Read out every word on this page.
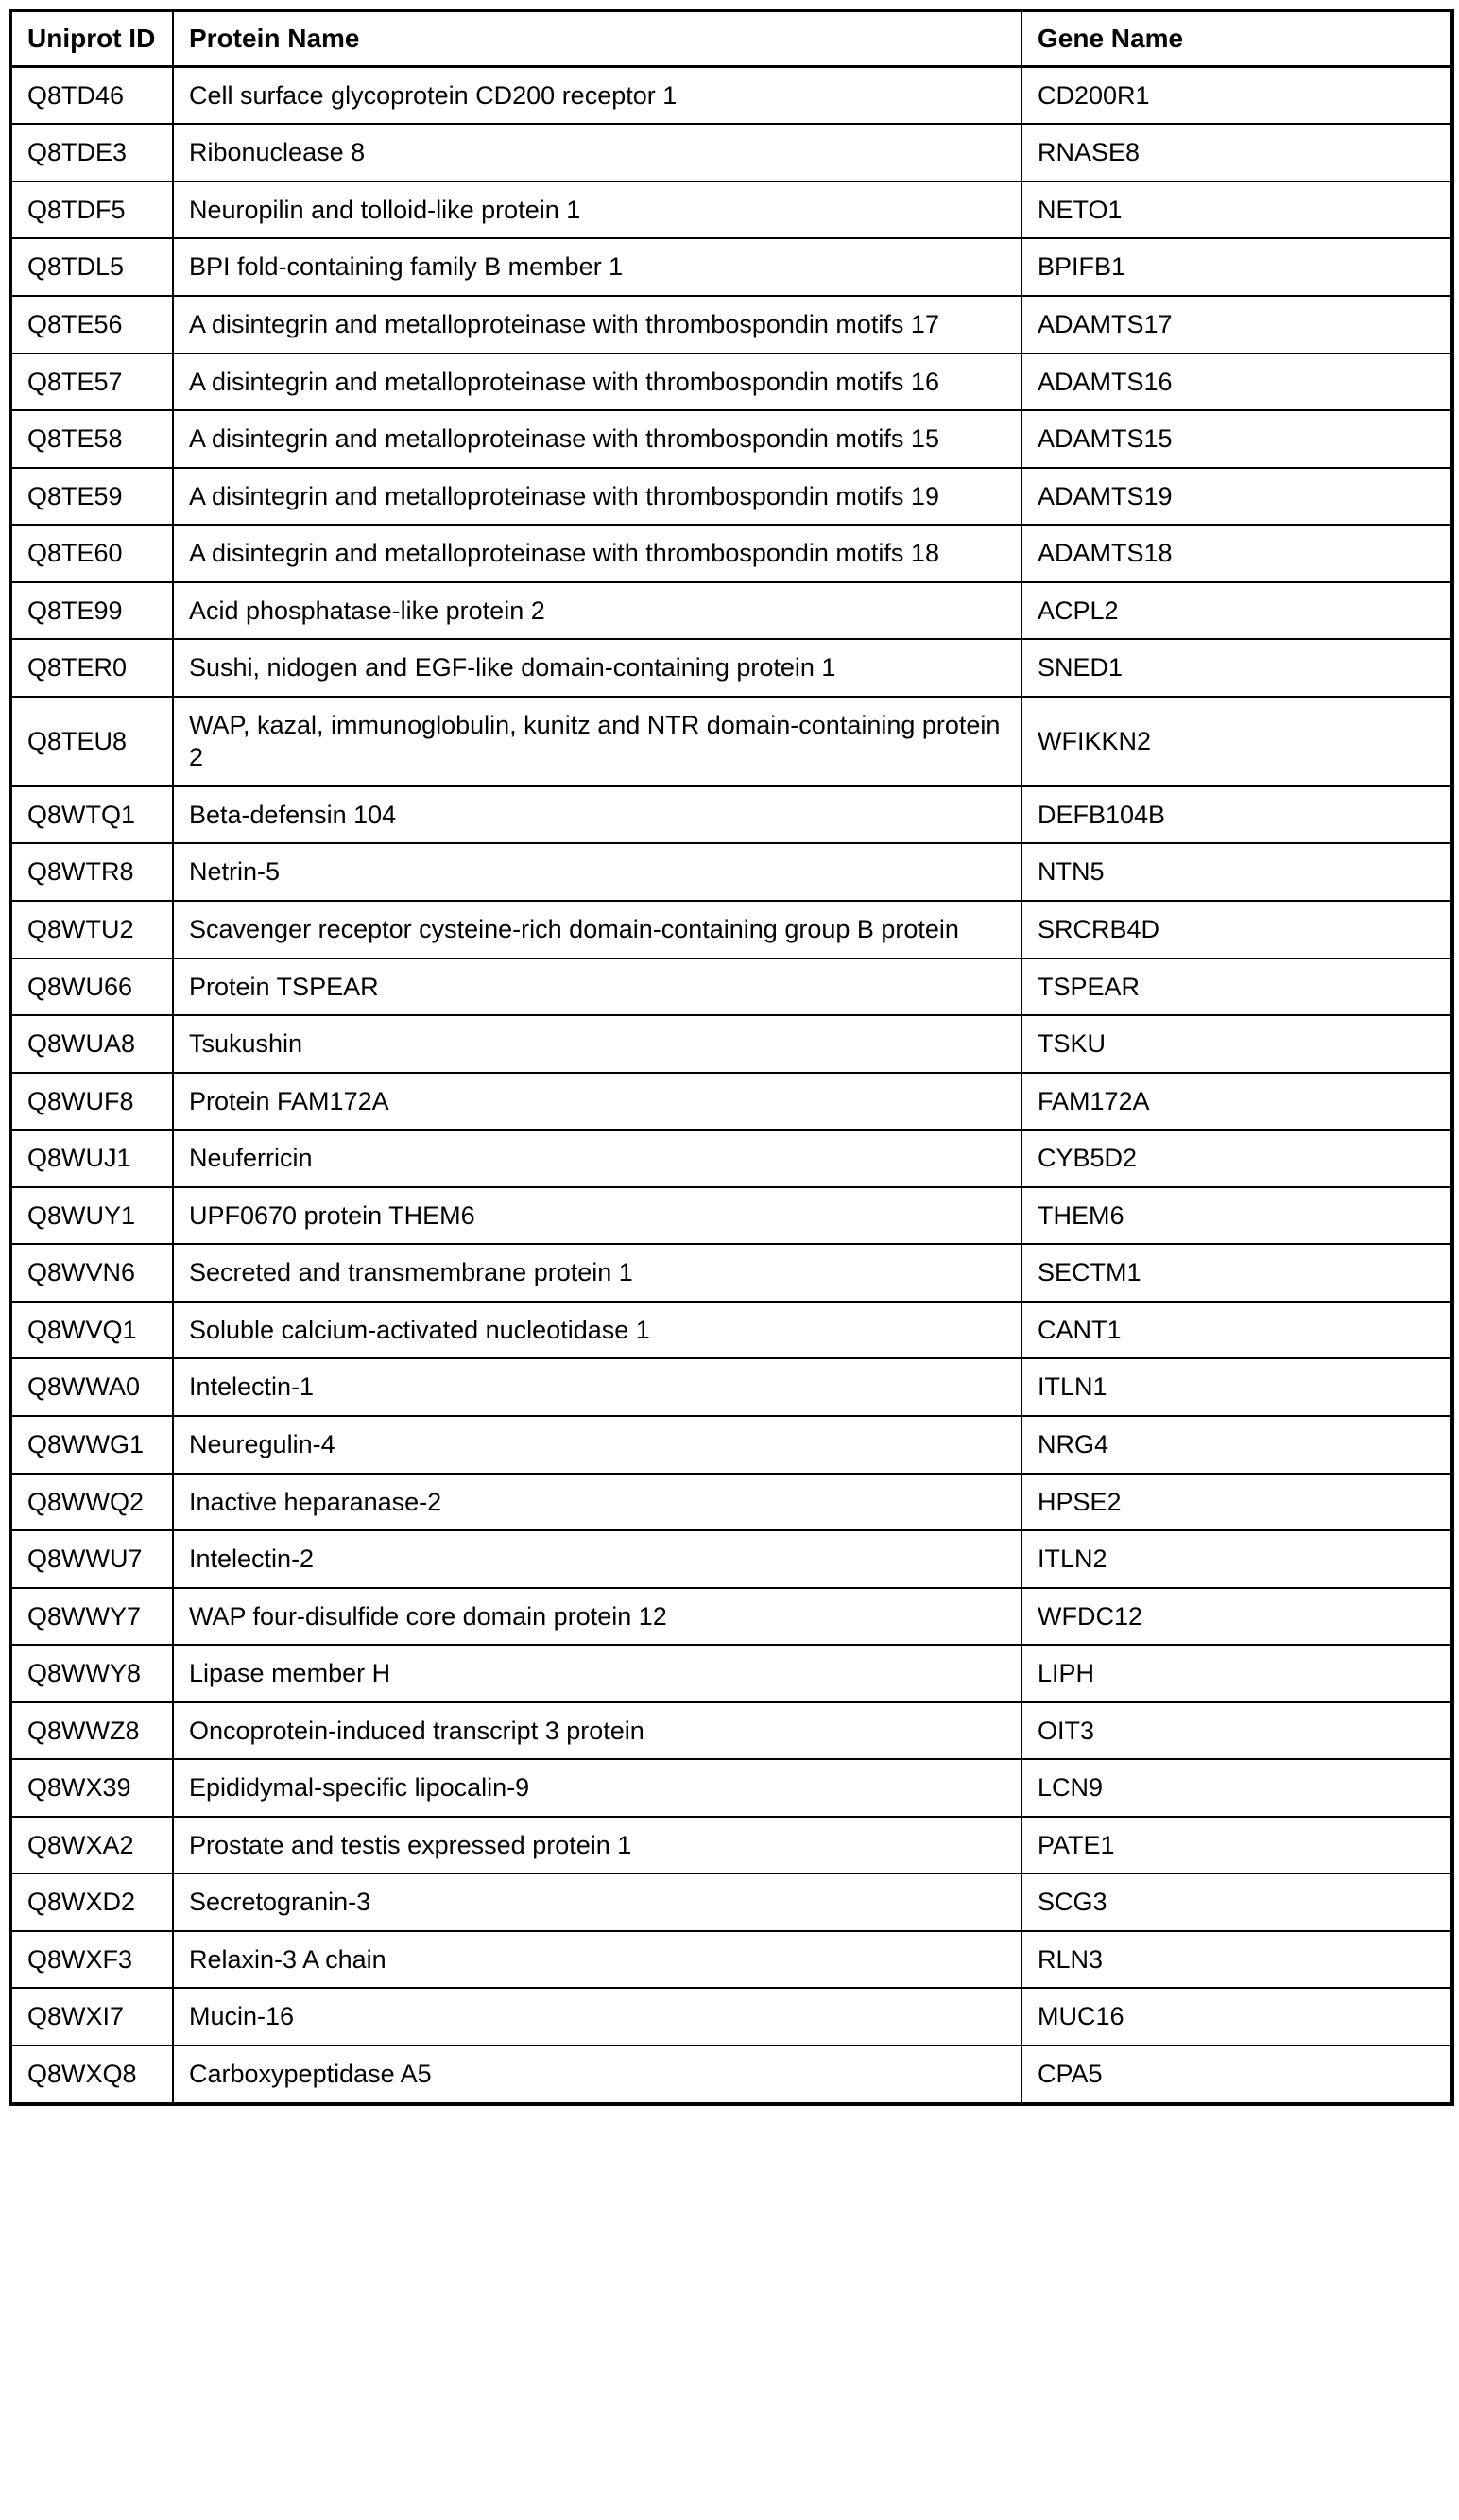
Uniprot ID	Protein Name	Gene Name
Q8TD46	Cell surface glycoprotein CD200 receptor 1	CD200R1
Q8TDE3	Ribonuclease 8	RNASE8
Q8TDF5	Neuropilin and tolloid-like protein 1	NETO1
Q8TDL5	BPI fold-containing family B member 1	BPIFB1
Q8TE56	A disintegrin and metalloproteinase with thrombospondin motifs 17	ADAMTS17
Q8TE57	A disintegrin and metalloproteinase with thrombospondin motifs 16	ADAMTS16
Q8TE58	A disintegrin and metalloproteinase with thrombospondin motifs 15	ADAMTS15
Q8TE59	A disintegrin and metalloproteinase with thrombospondin motifs 19	ADAMTS19
Q8TE60	A disintegrin and metalloproteinase with thrombospondin motifs 18	ADAMTS18
Q8TE99	Acid phosphatase-like protein 2	ACPL2
Q8TER0	Sushi, nidogen and EGF-like domain-containing protein 1	SNED1
Q8TEU8	WAP, kazal, immunoglobulin, kunitz and NTR domain-containing protein 2	WFIKKN2
Q8WTQ1	Beta-defensin 104	DEFB104B
Q8WTR8	Netrin-5	NTN5
Q8WTU2	Scavenger receptor cysteine-rich domain-containing group B protein	SRCRB4D
Q8WU66	Protein TSPEAR	TSPEAR
Q8WUA8	Tsukushin	TSKU
Q8WUF8	Protein FAM172A	FAM172A
Q8WUJ1	Neuferricin	CYB5D2
Q8WUY1	UPF0670 protein THEM6	THEM6
Q8WVN6	Secreted and transmembrane protein 1	SECTM1
Q8WVQ1	Soluble calcium-activated nucleotidase 1	CANT1
Q8WWA0	Intelectin-1	ITLN1
Q8WWG1	Neuregulin-4	NRG4
Q8WWQ2	Inactive heparanase-2	HPSE2
Q8WWU7	Intelectin-2	ITLN2
Q8WWY7	WAP four-disulfide core domain protein 12	WFDC12
Q8WWY8	Lipase member H	LIPH
Q8WWZ8	Oncoprotein-induced transcript 3 protein	OIT3
Q8WX39	Epididymal-specific lipocalin-9	LCN9
Q8WXA2	Prostate and testis expressed protein 1	PATE1
Q8WXD2	Secretogranin-3	SCG3
Q8WXF3	Relaxin-3 A chain	RLN3
Q8WXI7	Mucin-16	MUC16
Q8WXQ8	Carboxypeptidase A5	CPA5
